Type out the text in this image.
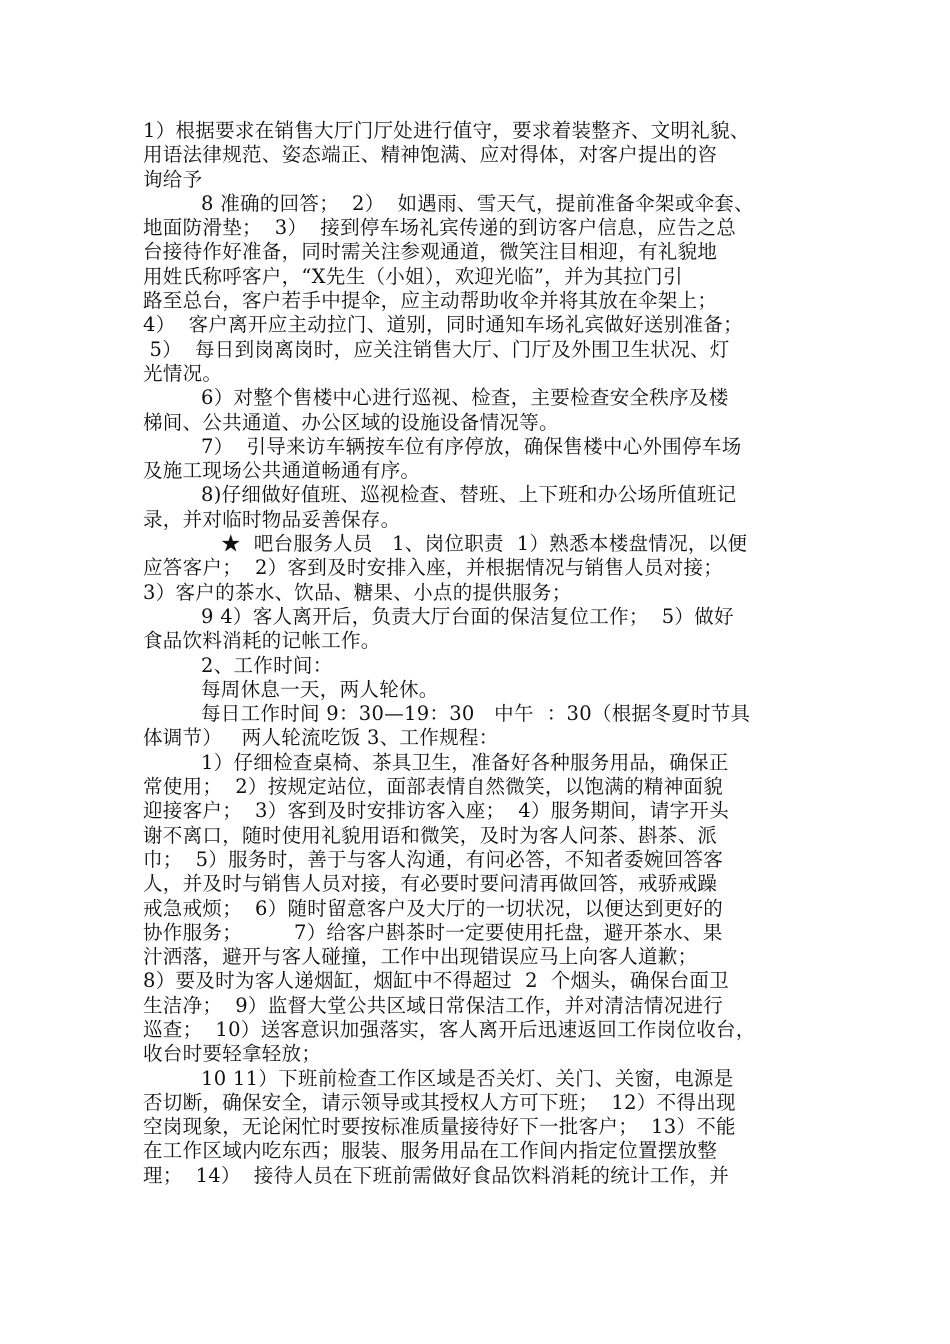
1）根据要求在销售大厅门厅处进行值守，要求着装整齐、文明礼貌、
用语法律规范、姿态端正、精神饱满、应对得体，对客户提出的咨
询给予
8 准确的回答；  2）  如遇雨、雪天气，提前准备伞架或伞套、
地面防滑垫；  3）  接到停车场礼宾传递的到访客户信息，应告之总
台接待作好准备，同时需关注参观通道，微笑注目相迎，有礼貌地
用姓氏称呼客户，“X先生（小姐），欢迎光临”，并为其拉门引
路至总台，客户若手中提伞，应主动帮助收伞并将其放在伞架上；
4）  客户离开应主动拉门、道别，同时通知车场礼宾做好送别准备；
5）  每日到岗离岗时，应关注销售大厅、门厅及外围卫生状况、灯
光情况。
6）对整个售楼中心进行巡视、检查，主要检查安全秩序及楼
梯间、公共通道、办公区域的设施设备情况等。
7）  引导来访车辆按车位有序停放，确保售楼中心外围停车场
及施工现场公共通道畅通有序。
8)仔细做好值班、巡视检查、替班、上下班和办公场所值班记
录，并对临时物品妥善保存。
★  吧台服务人员   1、岗位职责  1）熟悉本楼盘情况，以便
应答客户；  2）客到及时安排入座，并根据情况与销售人员对接；
3）客户的茶水、饮品、糖果、小点的提供服务；
9 4）客人离开后，负责大厅台面的保洁复位工作；  5）做好
食品饮料消耗的记帐工作。
2、工作时间：
每周休息一天，两人轮休。
每日工作时间 9：30—19：30   中午  ：30（根据冬夏时节具
体调节）   两人轮流吃饭 3、工作规程：
1）仔细检查桌椅、茶具卫生，准备好各种服务用品，确保正
常使用；  2）按规定站位，面部表情自然微笑，以饱满的精神面貌
迎接客户；  3）客到及时安排访客入座；  4）服务期间，请字开头
谢不离口，随时使用礼貌用语和微笑，及时为客人问茶、斟茶、派
巾；  5）服务时，善于与客人沟通，有问必答，不知者委婉回答客
人，并及时与销售人员对接，有必要时要问清再做回答，戒骄戒躁
戒急戒烦；  6）随时留意客户及大厅的一切状况，以便达到更好的
协作服务；        7）给客户斟茶时一定要使用托盘，避开茶水、果
汁洒落，避开与客人碰撞，工作中出现错误应马上向客人道歉；
8）要及时为客人递烟缸，烟缸中不得超过  2  个烟头，确保台面卫
生洁净；  9）监督大堂公共区域日常保洁工作，并对清洁情况进行
巡查；  10）送客意识加强落实，客人离开后迅速返回工作岗位收台，
收台时要轻拿轻放；
10 11）下班前检查工作区域是否关灯、关门、关窗，电源是
否切断，确保安全，请示领导或其授权人方可下班；  12）不得出现
空岗现象，无论闲忙时要按标准质量接待好下一批客户；  13）不能
在工作区域内吃东西；服装、服务用品在工作间内指定位置摆放整
理；  14）  接待人员在下班前需做好食品饮料消耗的统计工作，并
